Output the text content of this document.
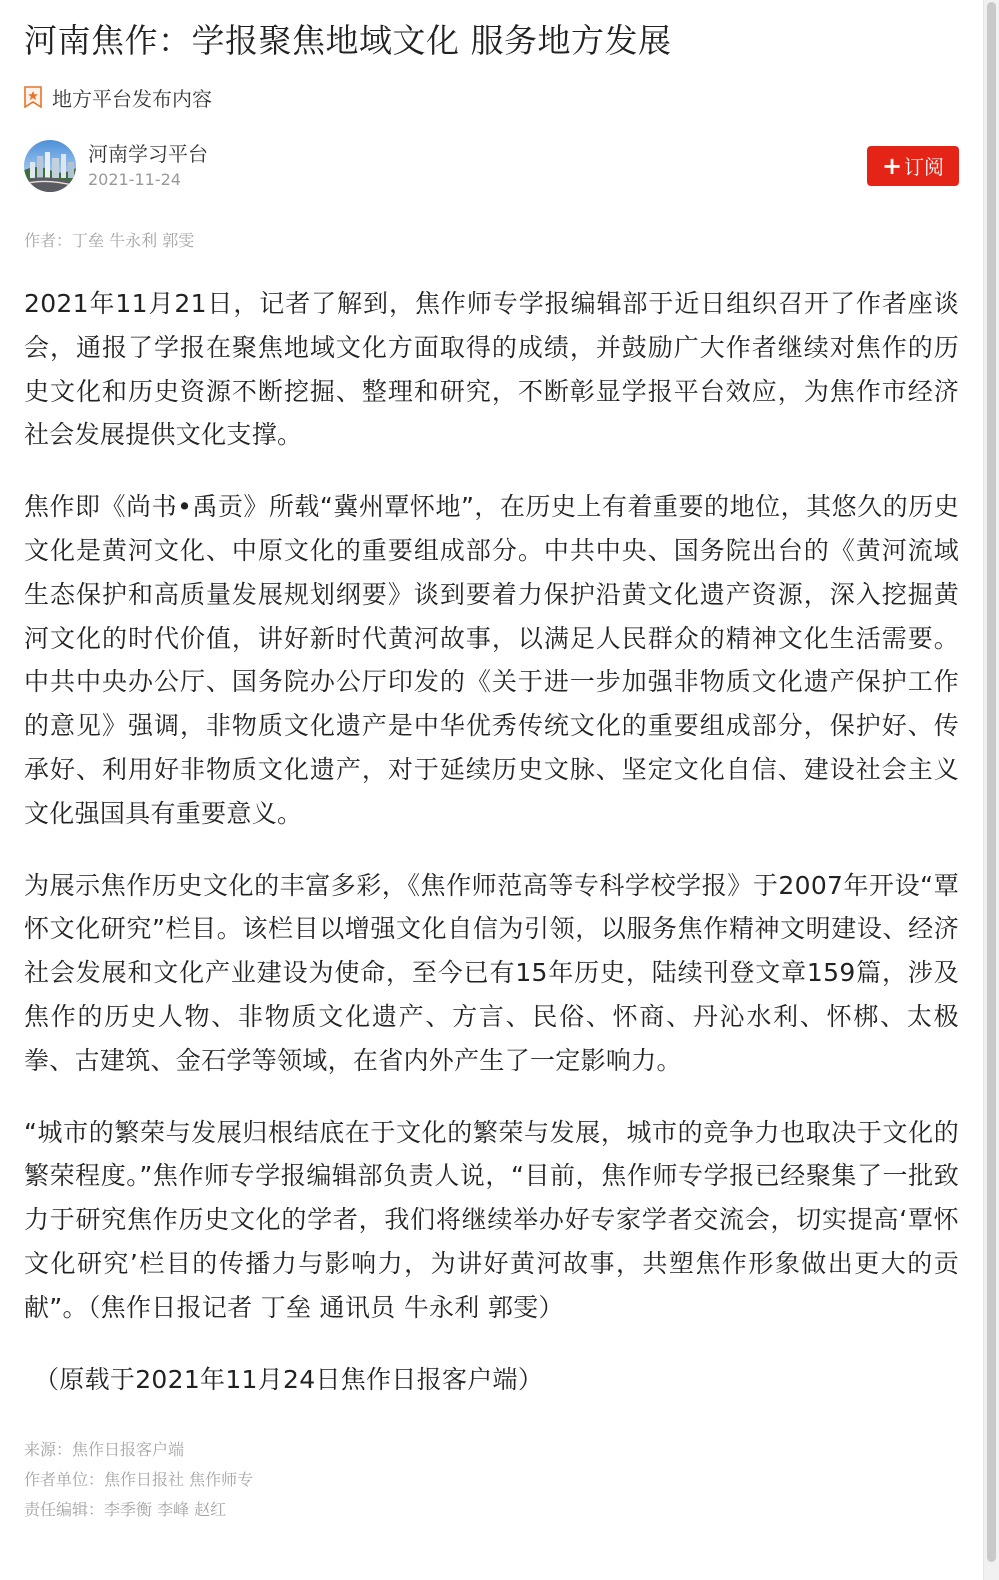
河南焦作：学报聚焦地域文化 服务地方发展
地方平台发布内容
河南学习平台
2021-11-24	+ 订阅
作者：丁垒 牛永利 郭雯

2021年11月21日，记者了解到，焦作师专学报编辑部于近日组织召开了作者座谈会，通报了学报在聚焦地域文化方面取得的成绩，并鼓励广大作者继续对焦作的历史文化和历史资源不断挖掘、整理和研究，不断彰显学报平台效应，为焦作市经济社会发展提供文化支撑。

焦作即《尚书•禹贡》所载“冀州覃怀地”，在历史上有着重要的地位，其悠久的历史文化是黄河文化、中原文化的重要组成部分。中共中央、国务院出台的《黄河流域生态保护和高质量发展规划纲要》谈到要着力保护沿黄文化遗产资源，深入挖掘黄河文化的时代价值，讲好新时代黄河故事，以满足人民群众的精神文化生活需要。中共中央办公厅、国务院办公厅印发的《关于进一步加强非物质文化遗产保护工作的意见》强调，非物质文化遗产是中华优秀传统文化的重要组成部分，保护好、传承好、利用好非物质文化遗产，对于延续历史文脉、坚定文化自信、建设社会主义文化强国具有重要意义。

为展示焦作历史文化的丰富多彩，《焦作师范高等专科学校学报》于2007年开设“覃怀文化研究”栏目。该栏目以增强文化自信为引领，以服务焦作精神文明建设、经济社会发展和文化产业建设为使命，至今已有15年历史，陆续刊登文章159篇，涉及焦作的历史人物、非物质文化遗产、方言、民俗、怀商、丹沁水利、怀梆、太极拳、古建筑、金石学等领域，在省内外产生了一定影响力。

“城市的繁荣与发展归根结底在于文化的繁荣与发展，城市的竞争力也取决于文化的繁荣程度。”焦作师专学报编辑部负责人说，“目前，焦作师专学报已经聚集了一批致力于研究焦作历史文化的学者，我们将继续举办好专家学者交流会，切实提高‘覃怀文化研究’栏目的传播力与影响力，为讲好黄河故事，共塑焦作形象做出更大的贡献”。（焦作日报记者 丁垒 通讯员 牛永利 郭雯）

（原载于2021年11月24日焦作日报客户端）

来源：焦作日报客户端
作者单位：焦作日报社 焦作师专
责任编辑：李季衡 李峰 赵红
